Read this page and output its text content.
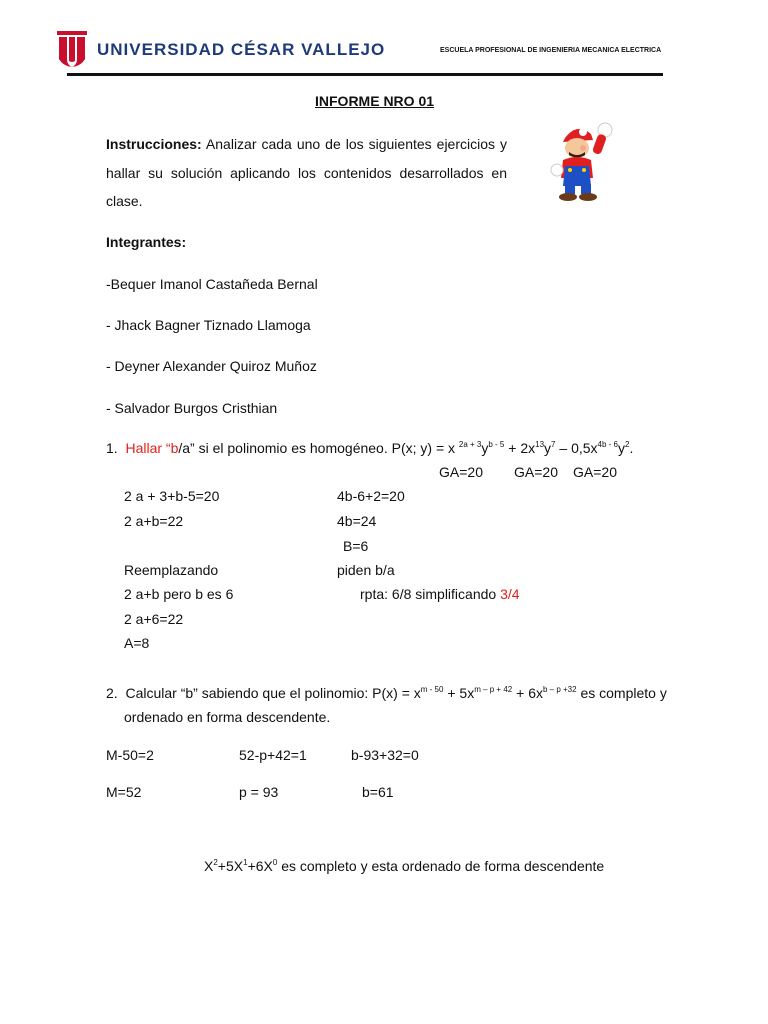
UNIVERSIDAD CÉSAR VALLEJO	ESCUELA PROFESIONAL DE INGENIERIA MECANICA ELECTRICA
INFORME NRO 01
Instrucciones: Analizar cada uno de los siguientes ejercicios y hallar su solución aplicando los contenidos desarrollados en clase.
Integrantes:
-Bequer Imanol Castañeda Bernal
- Jhack Bagner Tiznado Llamoga
- Deyner Alexander Quiroz Muñoz
- Salvador Burgos Cristhian
1. Hallar “b/a” si el polinomio es homogéneo. P(x; y) = x $^{2a + 3}y^{b - 5} + 2x^{13}y^7 - 0,5x^{4b - 6}y^2$.
GA=20 GA=20 GA=20
2 a + 3+b-5=20
2 a+b=22
Reemplazando
2 a+b pero b es 6
2 a+6=22
A=8
4b-6+2=20
4b=24
B=6
piden b/a
rpta: 6/8 simplificando 3/4
2. Calcular “b” sabiendo que el polinomio: $P(x) = x^{m - 50} + 5x^{m - p + 42} + 6x^{b - p +32}$ es completo y
ordenado en forma descendente.
M-50=2	52-p+42=1	b-93+32=0
M=52	p = 93	b=61
$X^2+5X^1+6X^0$ es completo y esta ordenado de forma descendente
